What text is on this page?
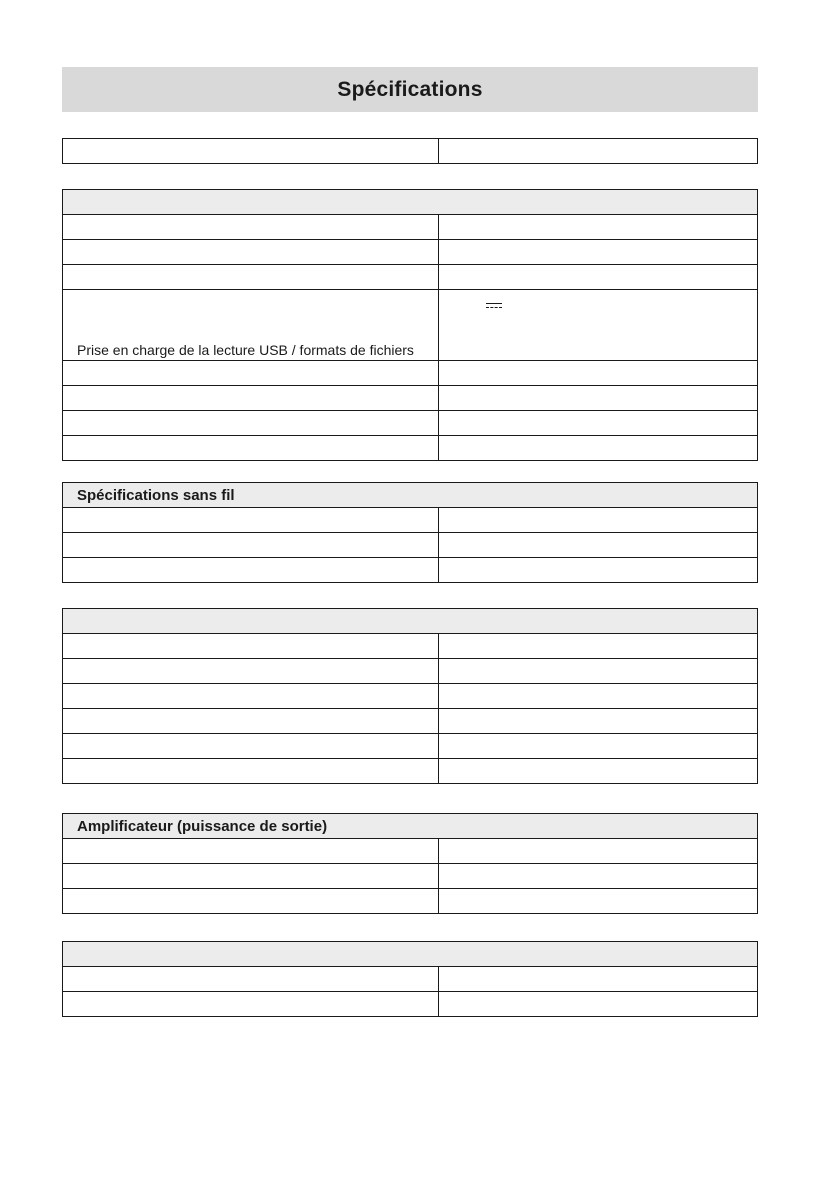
Spécifications

Prise en charge de la lecture USB / formats de fichiers	

Spécifications sans fil	

Amplificateur (puissance de sortie)	
